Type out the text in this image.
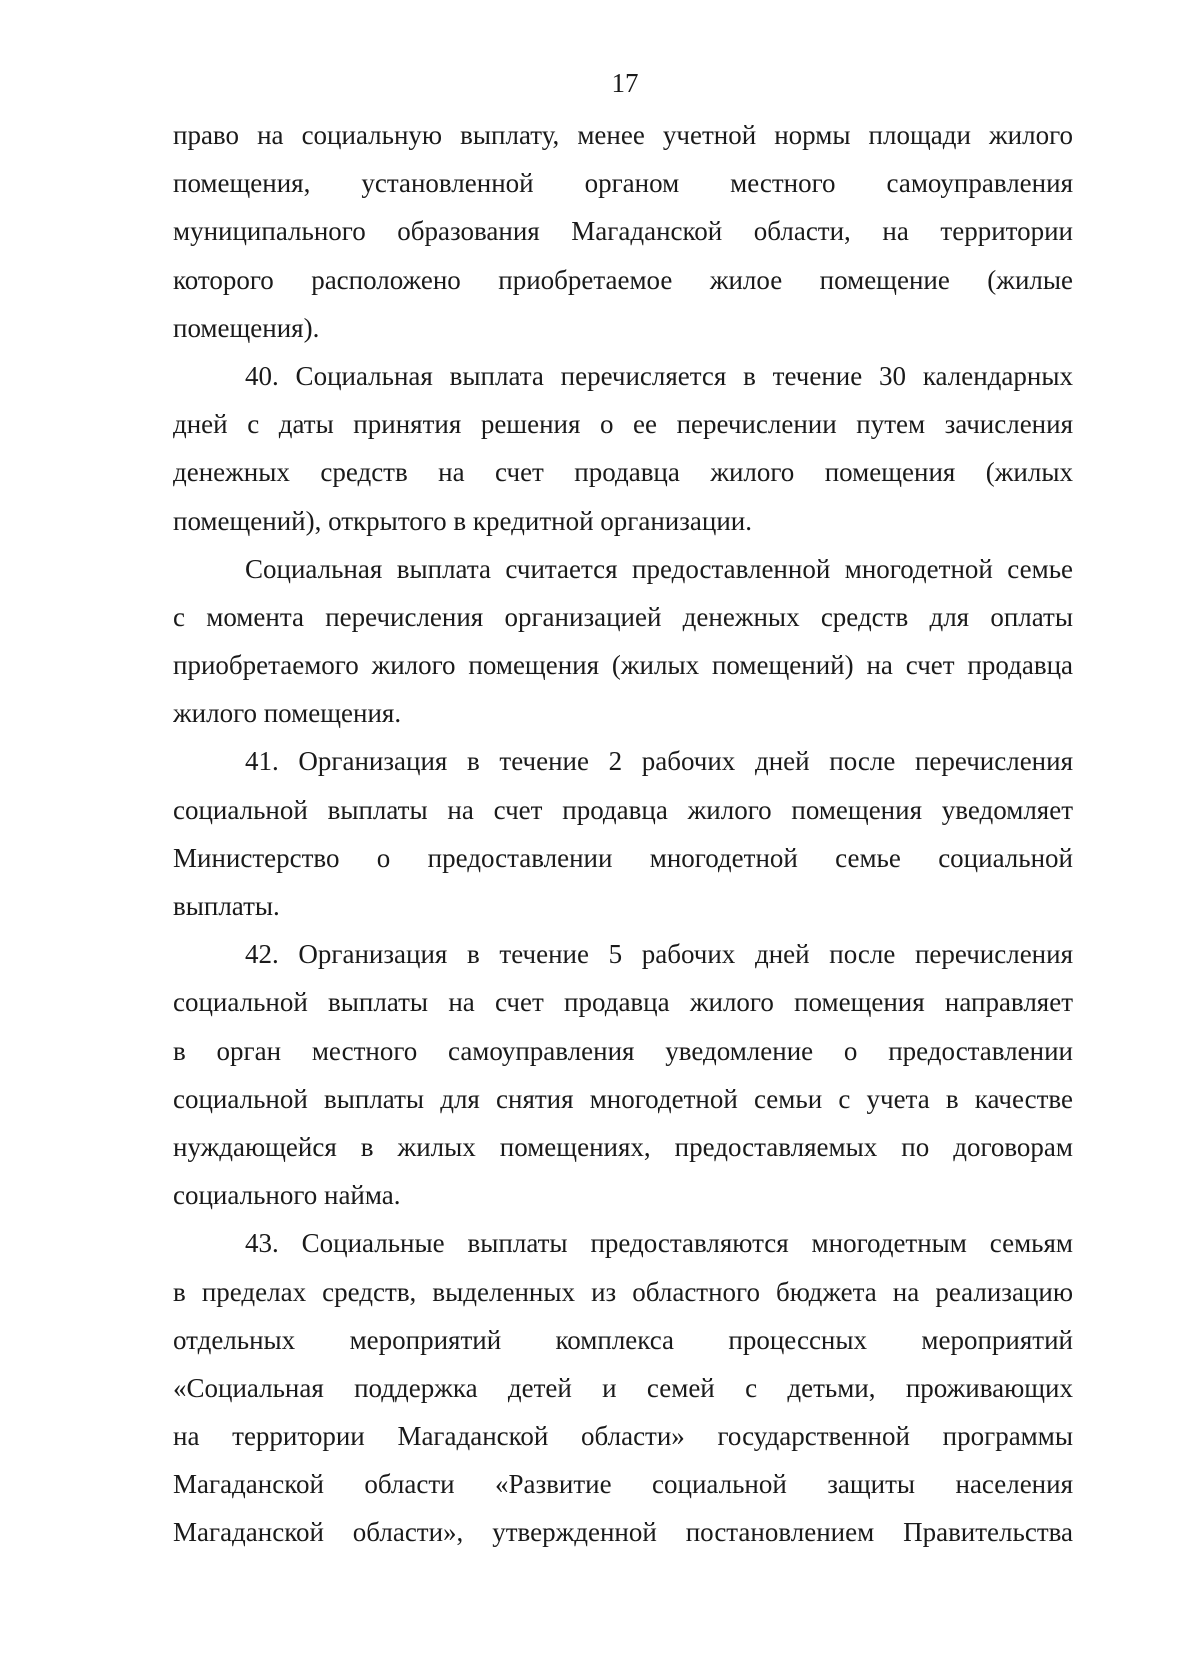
17
право на социальную выплату, менее учетной нормы площади жилого
помещения, установленной органом местного самоуправления
муниципального образования Магаданской области, на территории
которого расположено приобретаемое жилое помещение (жилые
помещения).
40. Социальная выплата перечисляется в течение 30 календарных
дней с даты принятия решения о ее перечислении путем зачисления
денежных средств на счет продавца жилого помещения (жилых
помещений), открытого в кредитной организации.
Социальная выплата считается предоставленной многодетной семье
с момента перечисления организацией денежных средств для оплаты
приобретаемого жилого помещения (жилых помещений) на счет продавца
жилого помещения.
41. Организация в течение 2 рабочих дней после перечисления
социальной выплаты на счет продавца жилого помещения уведомляет
Министерство о предоставлении многодетной семье социальной
выплаты.
42. Организация в течение 5 рабочих дней после перечисления
социальной выплаты на счет продавца жилого помещения направляет
в орган местного самоуправления уведомление о предоставлении
социальной выплаты для снятия многодетной семьи с учета в качестве
нуждающейся в жилых помещениях, предоставляемых по договорам
социального найма.
43. Социальные выплаты предоставляются многодетным семьям
в пределах средств, выделенных из областного бюджета на реализацию
отдельных мероприятий комплекса процессных мероприятий
«Социальная поддержка детей и семей с детьми, проживающих
на территории Магаданской области» государственной программы
Магаданской области «Развитие социальной защиты населения
Магаданской области», утвержденной постановлением Правительства
